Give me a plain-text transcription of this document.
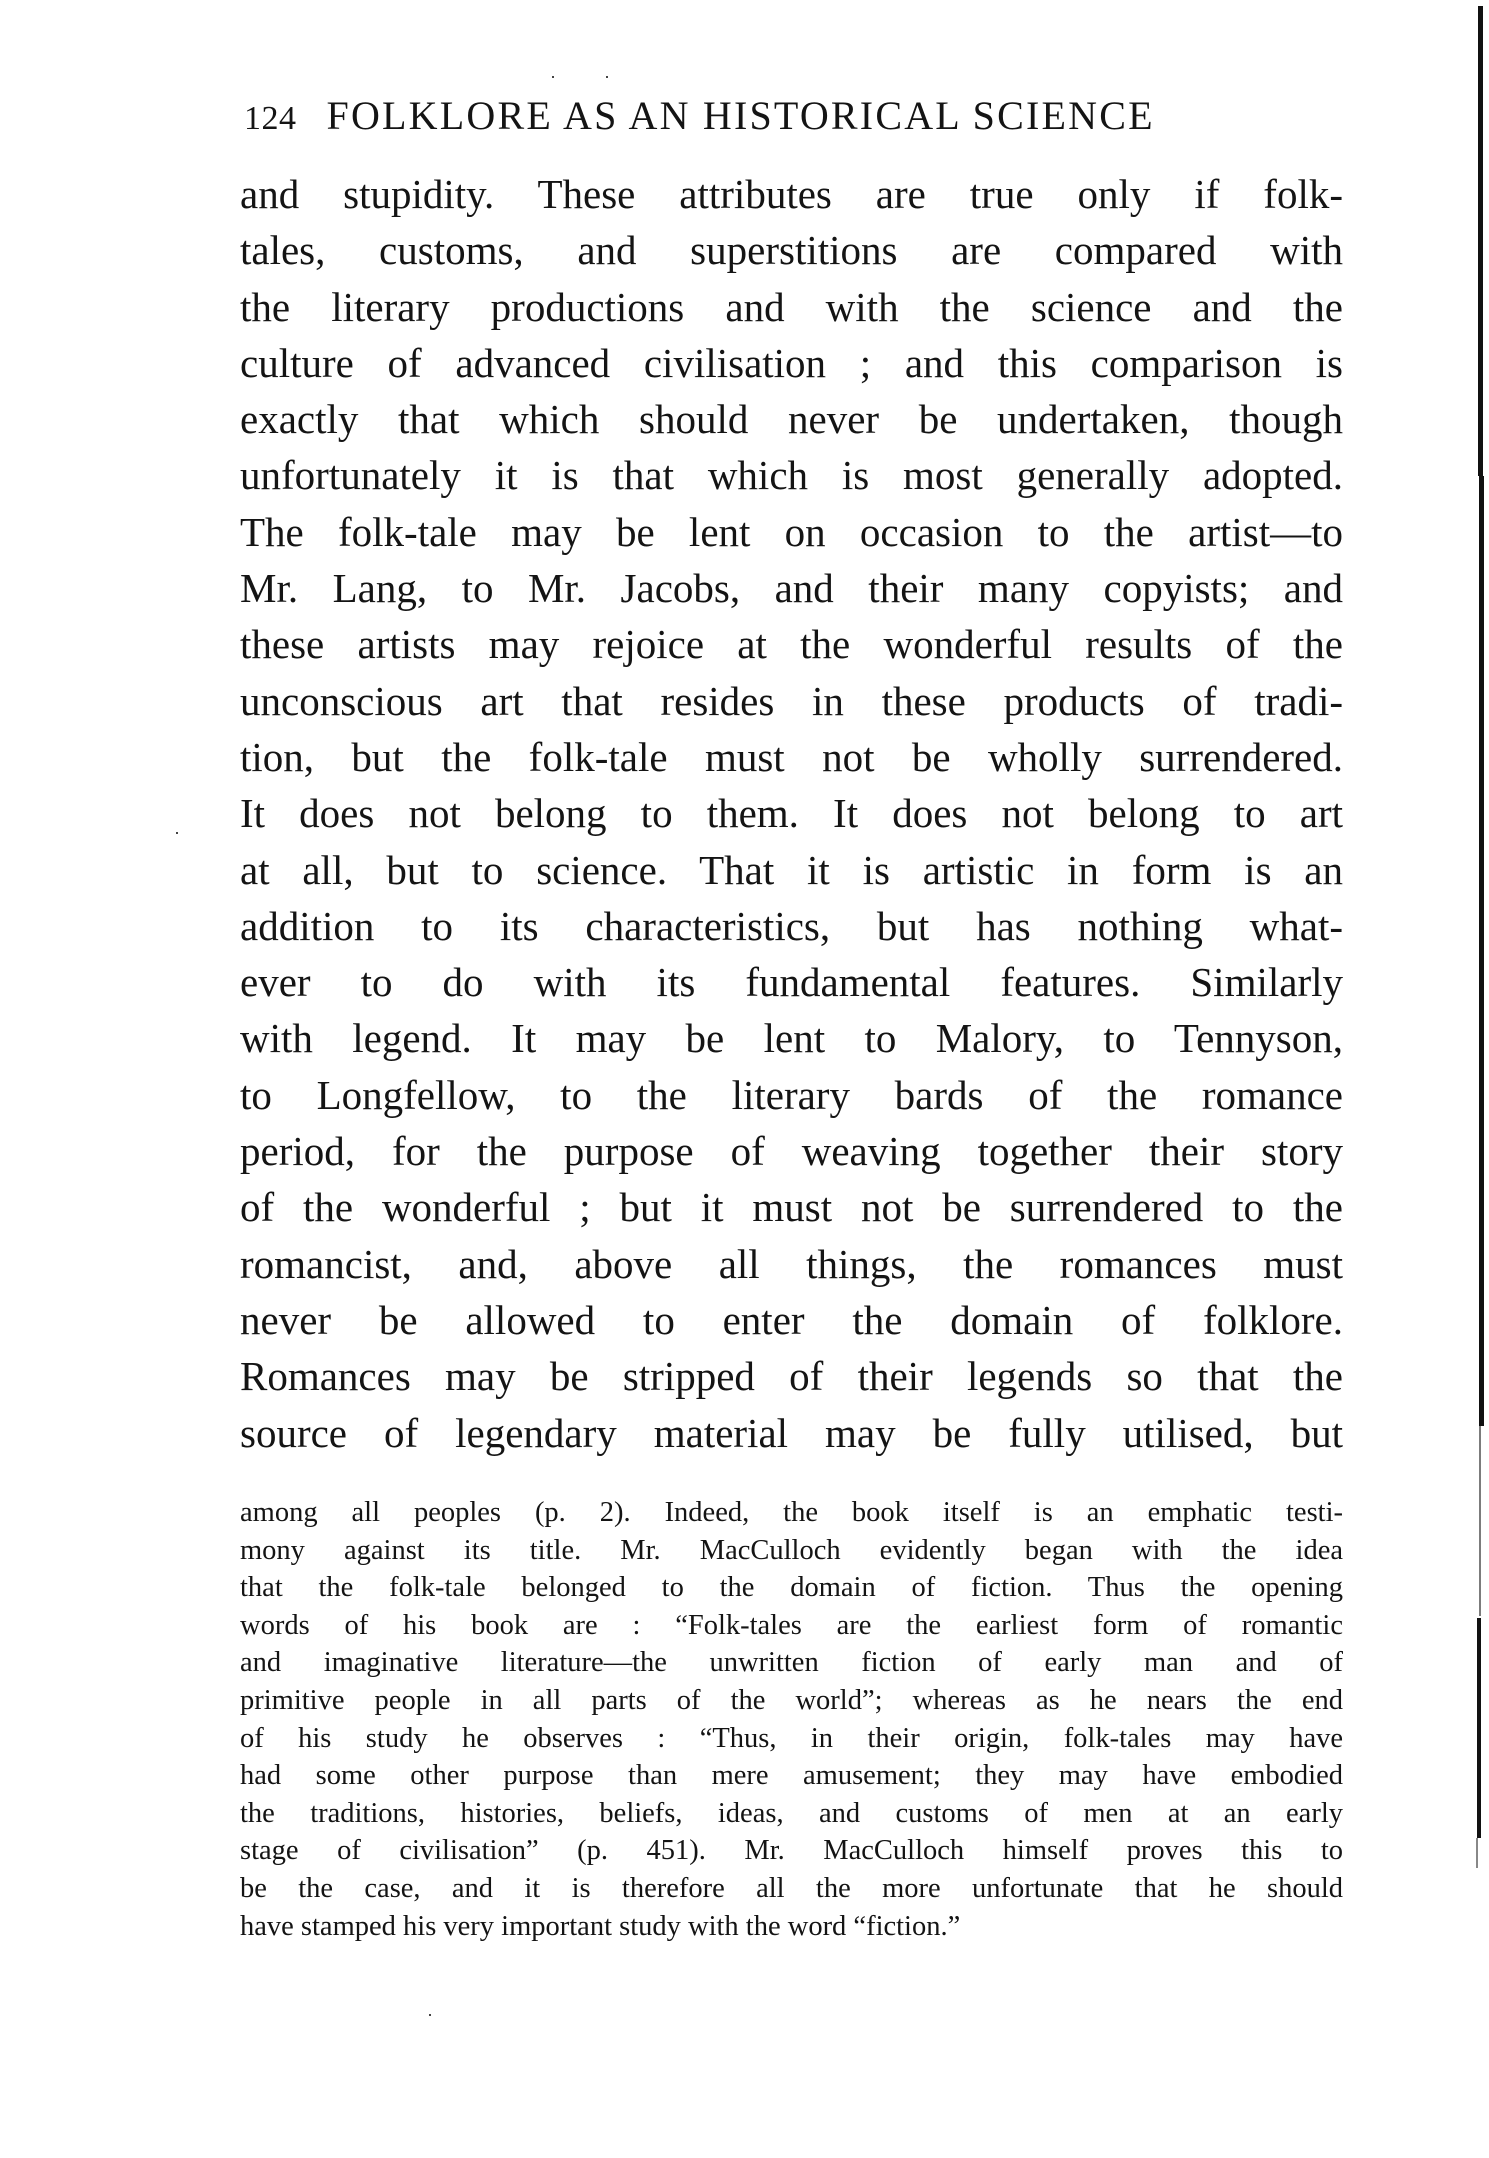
124 FOLKLORE AS AN HISTORICAL SCIENCE
and stupidity. These attributes are true only if folk-
tales, customs, and superstitions are compared with
the literary productions and with the science and the
culture of advanced civilisation ; and this comparison is
exactly that which should never be undertaken, though
unfortunately it is that which is most generally adopted.
The folk-tale may be lent on occasion to the artist—to
Mr. Lang, to Mr. Jacobs, and their many copyists; and
these artists may rejoice at the wonderful results of the
unconscious art that resides in these products of tradi-
tion, but the folk-tale must not be wholly surrendered.
It does not belong to them. It does not belong to art
at all, but to science. That it is artistic in form is an
addition to its characteristics, but has nothing what-
ever to do with its fundamental features. Similarly
with legend. It may be lent to Malory, to Tennyson,
to Longfellow, to the literary bards of the romance
period, for the purpose of weaving together their story
of the wonderful ; but it must not be surrendered to the
romancist, and, above all things, the romances must
never be allowed to enter the domain of folklore.
Romances may be stripped of their legends so that the
source of legendary material may be fully utilised, but
among all peoples (p. 2). Indeed, the book itself is an emphatic testi-
mony against its title. Mr. MacCulloch evidently began with the idea
that the folk-tale belonged to the domain of fiction. Thus the opening
words of his book are : “Folk-tales are the earliest form of romantic
and imaginative literature—the unwritten fiction of early man and of
primitive people in all parts of the world”; whereas as he nears the end
of his study he observes : “Thus, in their origin, folk-tales may have
had some other purpose than mere amusement; they may have embodied
the traditions, histories, beliefs, ideas, and customs of men at an early
stage of civilisation” (p. 451). Mr. MacCulloch himself proves this to
be the case, and it is therefore all the more unfortunate that he should
have stamped his very important study with the word “fiction.”
